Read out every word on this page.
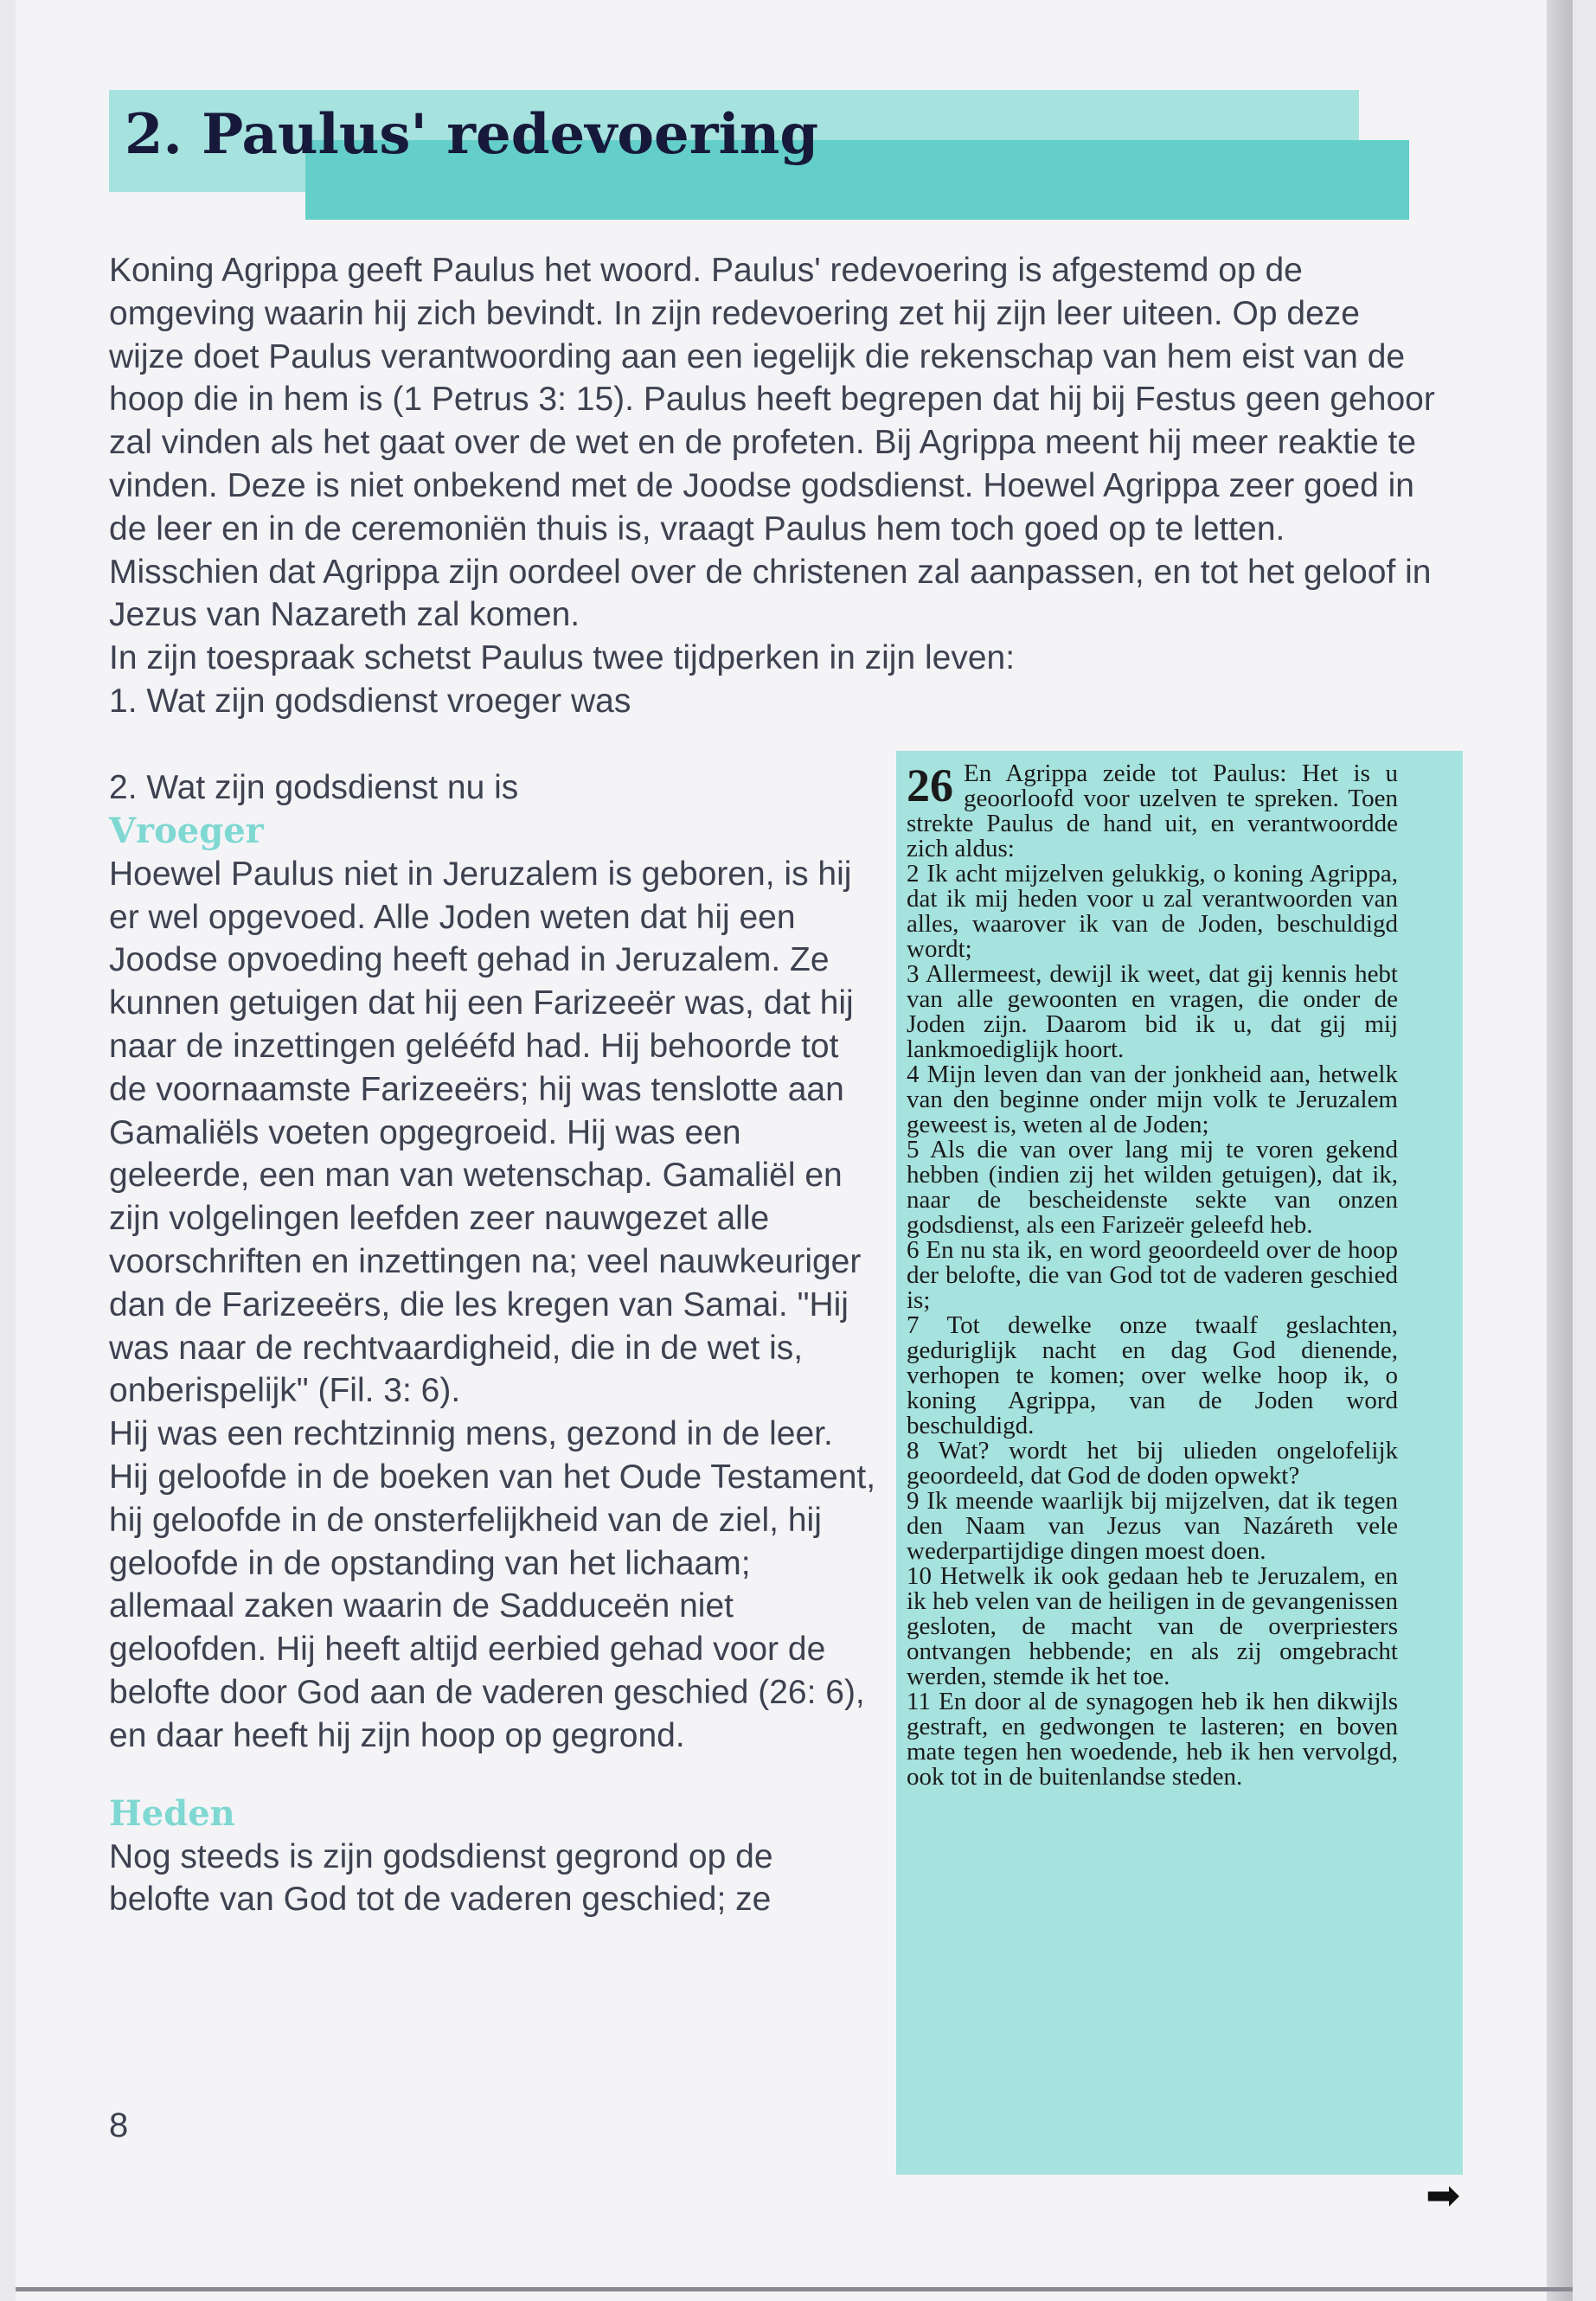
2. Paulus' redevoering

Koning Agrippa geeft Paulus het woord. Paulus' redevoering is afgestemd op de omgeving waarin hij zich bevindt. In zijn redevoering zet hij zijn leer uiteen. Op deze wijze doet Paulus verantwoording aan een iegelijk die rekenschap van hem eist van de hoop die in hem is (1 Petrus 3: 15). Paulus heeft begrepen dat hij bij Festus geen gehoor zal vinden als het gaat over de wet en de profeten. Bij Agrippa meent hij meer reaktie te vinden. Deze is niet onbekend met de Joodse godsdienst. Hoewel Agrippa zeer goed in de leer en in de ceremoniën thuis is, vraagt Paulus hem toch goed op te letten. Misschien dat Agrippa zijn oordeel over de christenen zal aanpassen, en tot het geloof in Jezus van Nazareth zal komen.

In zijn toespraak schetst Paulus twee tijdperken in zijn leven:

1. Wat zijn godsdienst vroeger was

2. Wat zijn godsdienst nu is

Vroeger

Hoewel Paulus niet in Jeruzalem is geboren, is hij er wel opgevoed. Alle Joden weten dat hij een Joodse opvoeding heeft gehad in Jeruzalem. Ze kunnen getuigen dat hij een Farizeeër was, dat hij naar de inzettingen gelééfd had. Hij behoorde tot de voornaamste Farizeeërs; hij was tenslotte aan Gamaliëls voeten opgegroeid. Hij was een geleerde, een man van wetenschap. Gamaliël en zijn volgelingen leefden zeer nauwgezet alle voorschriften en inzettingen na; veel nauwkeuriger dan de Farizeeërs, die les kregen van Samai. "Hij was naar de rechtvaardigheid, die in de wet is, onberispelijk" (Fil. 3: 6).

Hij was een rechtzinnig mens, gezond in de leer. Hij geloofde in de boeken van het Oude Testament, hij geloofde in de onsterfelijkheid van de ziel, hij geloofde in de opstanding van het lichaam; allemaal zaken waarin de Sadduceën niet geloofden. Hij heeft altijd eerbied gehad voor de belofte door God aan de vaderen geschied (26: 6), en daar heeft hij zijn hoop op gegrond.

Heden

Nog steeds is zijn godsdienst gegrond op de belofte van God tot de vaderen geschied; ze

8
26 En Agrippa zeide tot Paulus: Het is u geoorloofd voor uzelven te spreken. Toen strekte Paulus de hand uit, en verantwoordde zich aldus:

2 Ik acht mijzelven gelukkig, o koning Agrippa, dat ik mij heden voor u zal verantwoorden van alles, waarover ik van de Joden, beschuldigd wordt;

3 Allermeest, dewijl ik weet, dat gij kennis hebt van alle gewoonten en vragen, die onder de Joden zijn. Daarom bid ik u, dat gij mij lankmoediglijk hoort.

4 Mijn leven dan van der jonkheid aan, hetwelk van den beginne onder mijn volk te Jeruzalem geweest is, weten al de Joden;

5 Als die van over lang mij te voren gekend hebben (indien zij het wilden getuigen), dat ik, naar de bescheidenste sekte van onzen godsdienst, als een Farizeër geleefd heb.

6 En nu sta ik, en word geoordeeld over de hoop der belofte, die van God tot de vaderen geschied is;

7 Tot dewelke onze twaalf geslachten, geduriglijk nacht en dag God dienende, verhopen te komen; over welke hoop ik, o koning Agrippa, van de Joden word beschuldigd.

8 Wat? wordt het bij ulieden ongelofelijk geoordeeld, dat God de doden opwekt?

9 Ik meende waarlijk bij mijzelven, dat ik tegen den Naam van Jezus van Nazáreth vele wederpartijdige dingen moest doen.

10 Hetwelk ik ook gedaan heb te Jeruzalem, en ik heb velen van de heiligen in de gevangenissen gesloten, de macht van de overpriesters ontvangen hebbende; en als zij omgebracht werden, stemde ik het toe.

11 En door al de synagogen heb ik hen dikwijls gestraft, en gedwongen te lasteren; en boven mate tegen hen woedende, heb ik hen vervolgd, ook tot in de buitenlandse steden.

➡
